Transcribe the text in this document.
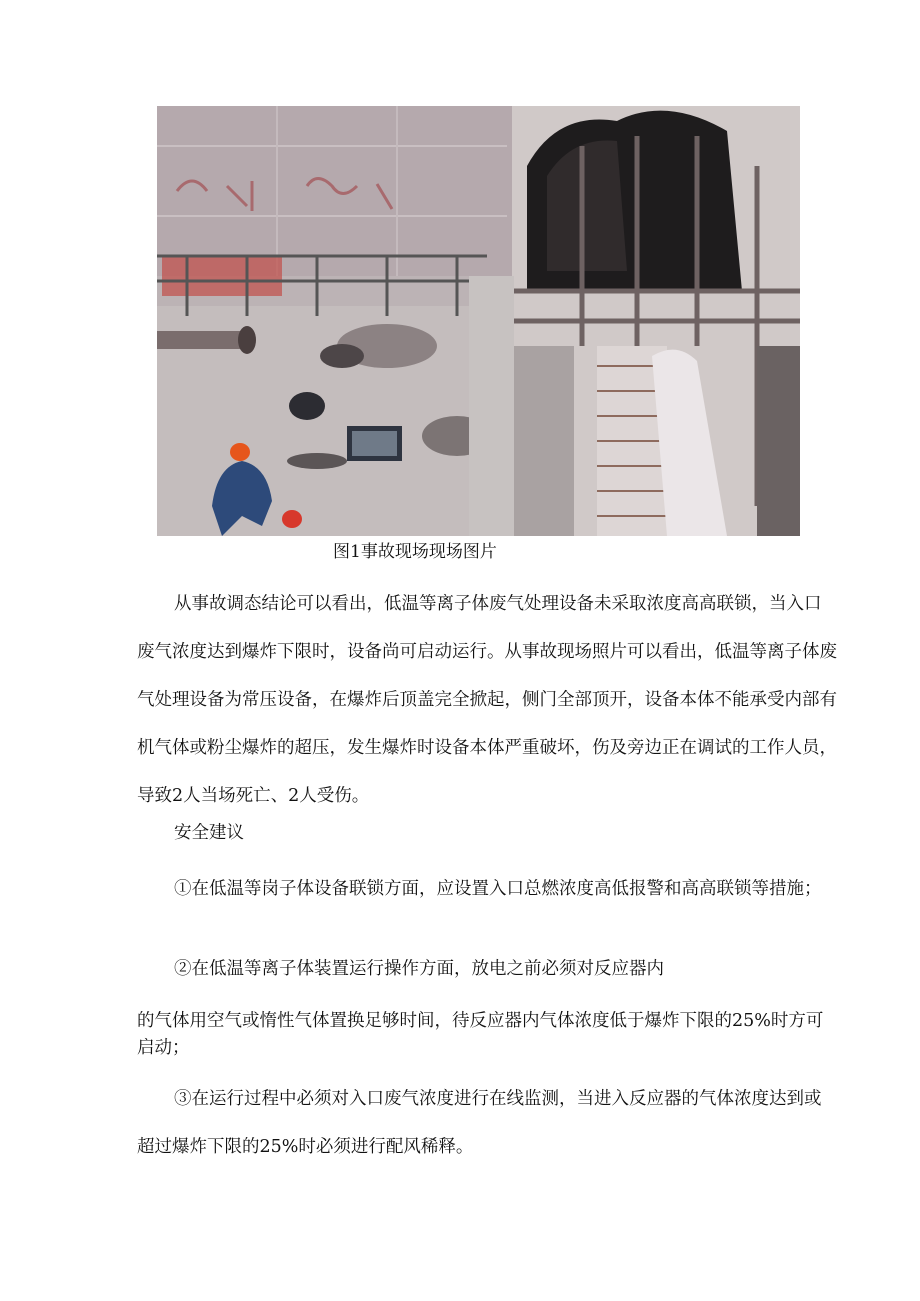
图1事故现场现场图片

从事故调态结论可以看出，低温等离子体废气处理设备未采取浓度高高联锁，当入口废气浓度达到爆炸下限时，设备尚可启动运行。从事故现场照片可以看出，低温等离子体废气处理设备为常压设备，在爆炸后顶盖完全掀起，侧门全部顶开，设备本体不能承受内部有机气体或粉尘爆炸的超压，发生爆炸时设备本体严重破坏，伤及旁边正在调试的工作人员，导致2人当场死亡、2人受伤。

安全建议

①在低温等岗子体设备联锁方面，应设置入口总燃浓度高低报警和高高联锁等措施；

②在低温等离子体装置运行操作方面，放电之前必须对反应器内

的气体用空气或惰性气体置换足够时间，待反应器内气体浓度低于爆炸下限的25%时方可启动；

③在运行过程中必须对入口废气浓度进行在线监测，当进入反应器的气体浓度达到或超过爆炸下限的25%时必须进行配风稀释。
